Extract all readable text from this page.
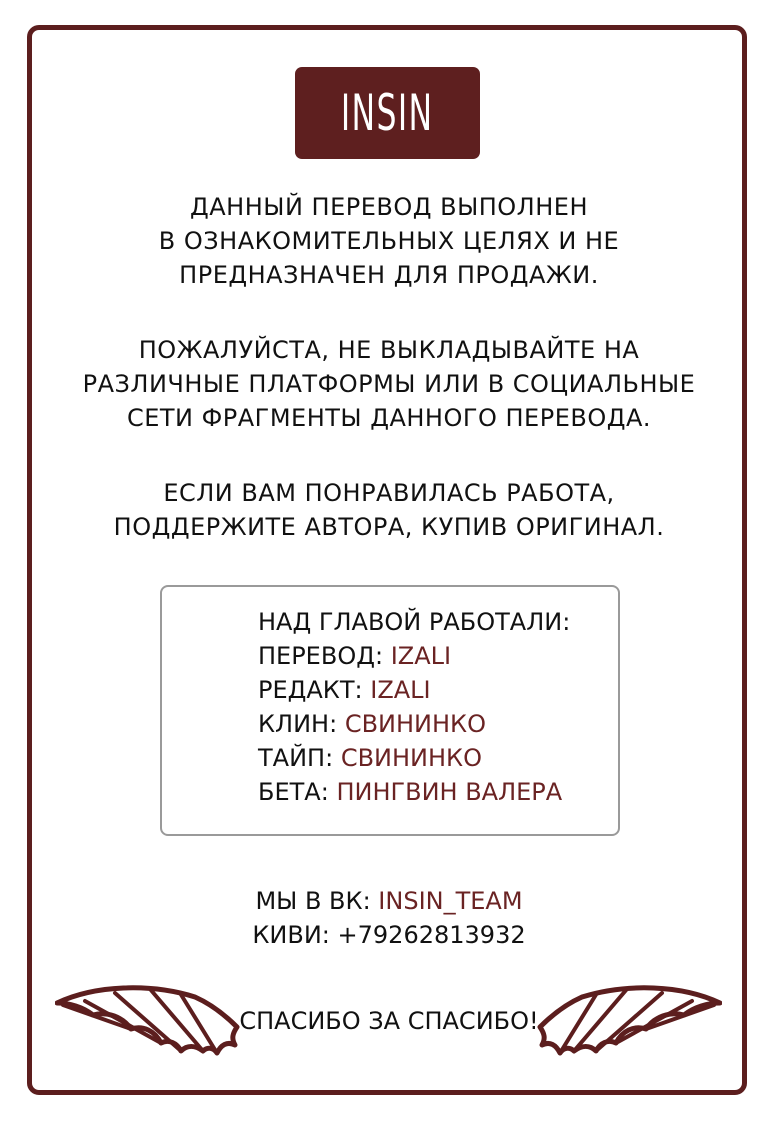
INSIN
ДАННЫЙ ПЕРЕВОД ВЫПОЛНЕН
В ОЗНАКОМИТЕЛЬНЫХ ЦЕЛЯХ И НЕ
ПРЕДНАЗНАЧЕН ДЛЯ ПРОДАЖИ.
ПОЖАЛУЙСТА, НЕ ВЫКЛАДЫВАЙТЕ НА
РАЗЛИЧНЫЕ ПЛАТФОРМЫ ИЛИ В СОЦИАЛЬНЫЕ
СЕТИ ФРАГМЕНТЫ ДАННОГО ПЕРЕВОДА.
ЕСЛИ ВАМ ПОНРАВИЛАСЬ РАБОТА,
ПОДДЕРЖИТЕ АВТОРА, КУПИВ ОРИГИНАЛ.
НАД ГЛАВОЙ РАБОТАЛИ:
ПЕРЕВОД: IZALI
РЕДАКТ: IZALI
КЛИН: СВИНИНКО
ТАЙП: СВИНИНКО
БЕТА: ПИНГВИН ВАЛЕРА
МЫ В ВК: INSIN_TEAM
КИВИ: +79262813932
СПАСИБО ЗА СПАСИБО!
